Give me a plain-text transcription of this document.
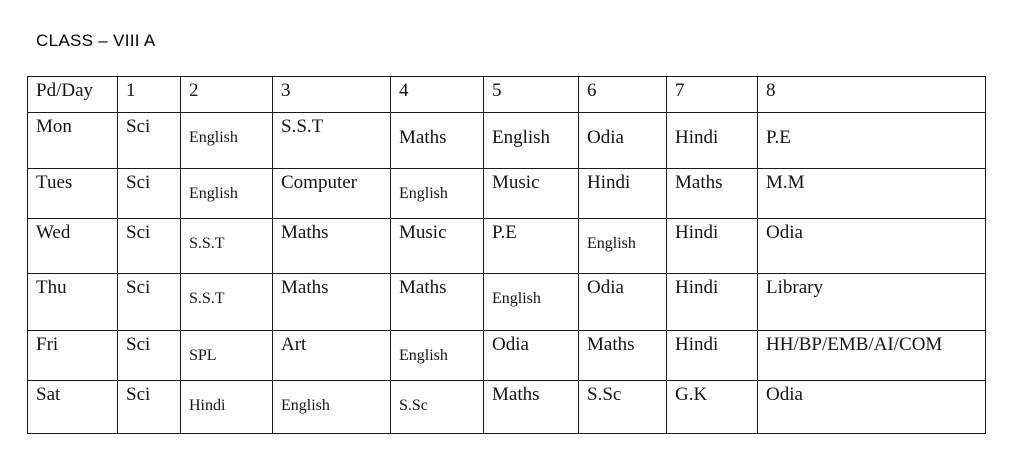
CLASS – VIII A
Pd/Day	1	2	3	4	5	6	7	8
Mon	Sci	English	S.S.T	Maths	English	Odia	Hindi	P.E
Tues	Sci	English	Computer	English	Music	Hindi	Maths	M.M
Wed	Sci	S.S.T	Maths	Music	P.E	English	Hindi	Odia
Thu	Sci	S.S.T	Maths	Maths	English	Odia	Hindi	Library
Fri	Sci	SPL	Art	English	Odia	Maths	Hindi	HH/BP/EMB/AI/COM
Sat	Sci	Hindi	English	S.Sc	Maths	S.Sc	G.K	Odia
